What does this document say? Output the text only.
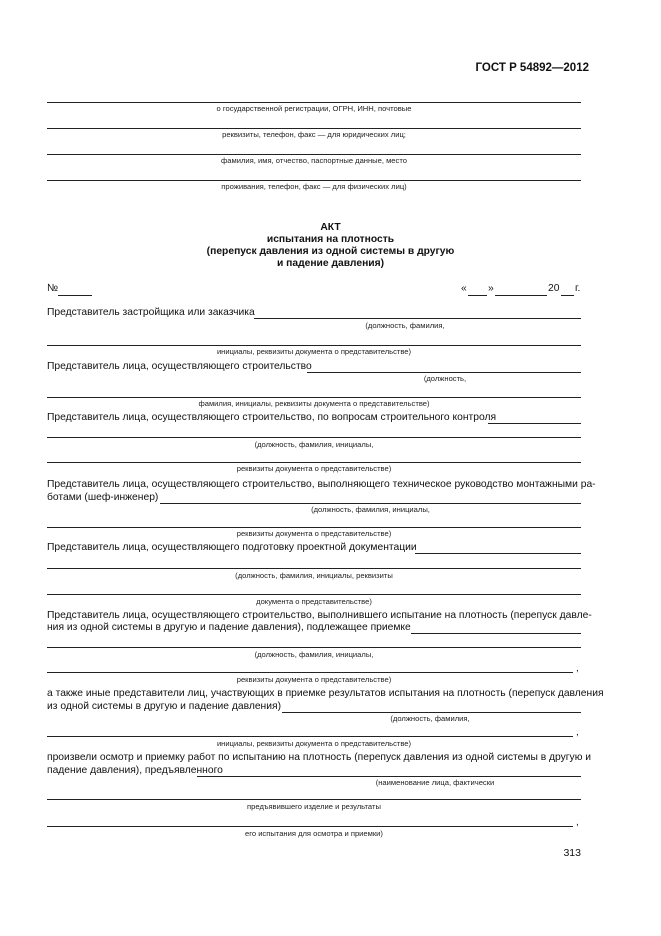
ГОСТ Р 54892—2012
о государственной регистрации, ОГРН, ИНН, почтовые
реквизиты, телефон, факс — для юридических лиц;
фамилия, имя, отчество, паспортные данные, место
проживания, телефон, факс — для физических лиц)
АКТ
испытания на плотность
(перепуск давления из одной системы в другую
и падение давления)
№	« »	20 г.
Представитель застройщика или заказчика
(должность, фамилия,
инициалы, реквизиты документа о представительстве)
Представитель лица, осуществляющего строительство
(должность,
фамилия, инициалы, реквизиты документа о представительстве)
Представитель лица, осуществляющего строительство, по вопросам строительного контроля
(должность, фамилия, инициалы,
реквизиты документа о представительстве)
Представитель лица, осуществляющего строительство, выполняющего техническое руководство монтажными ра-
ботами (шеф-инженер)
(должность, фамилия, инициалы,
реквизиты документа о представительстве)
Представитель лица, осуществляющего подготовку проектной документации
(должность, фамилия, инициалы, реквизиты
документа о представительстве)
Представитель лица, осуществляющего строительство, выполнившего испытание на плотность (перепуск давле-
ния из одной системы в другую и падение давления), подлежащее приемке
(должность, фамилия, инициалы,
,
реквизиты документа о представительстве)
а также иные представители лиц, участвующих в приемке результатов испытания на плотность (перепуск давления
из одной системы в другую и падение давления)
(должность, фамилия,
,
инициалы, реквизиты документа о представительстве)
произвели осмотр и приемку работ по испытанию на плотность (перепуск давления из одной системы в другую и
падение давления), предъявленного
(наименование лица, фактически
предъявившего изделие и результаты
,
его испытания для осмотра и приемки)
313
